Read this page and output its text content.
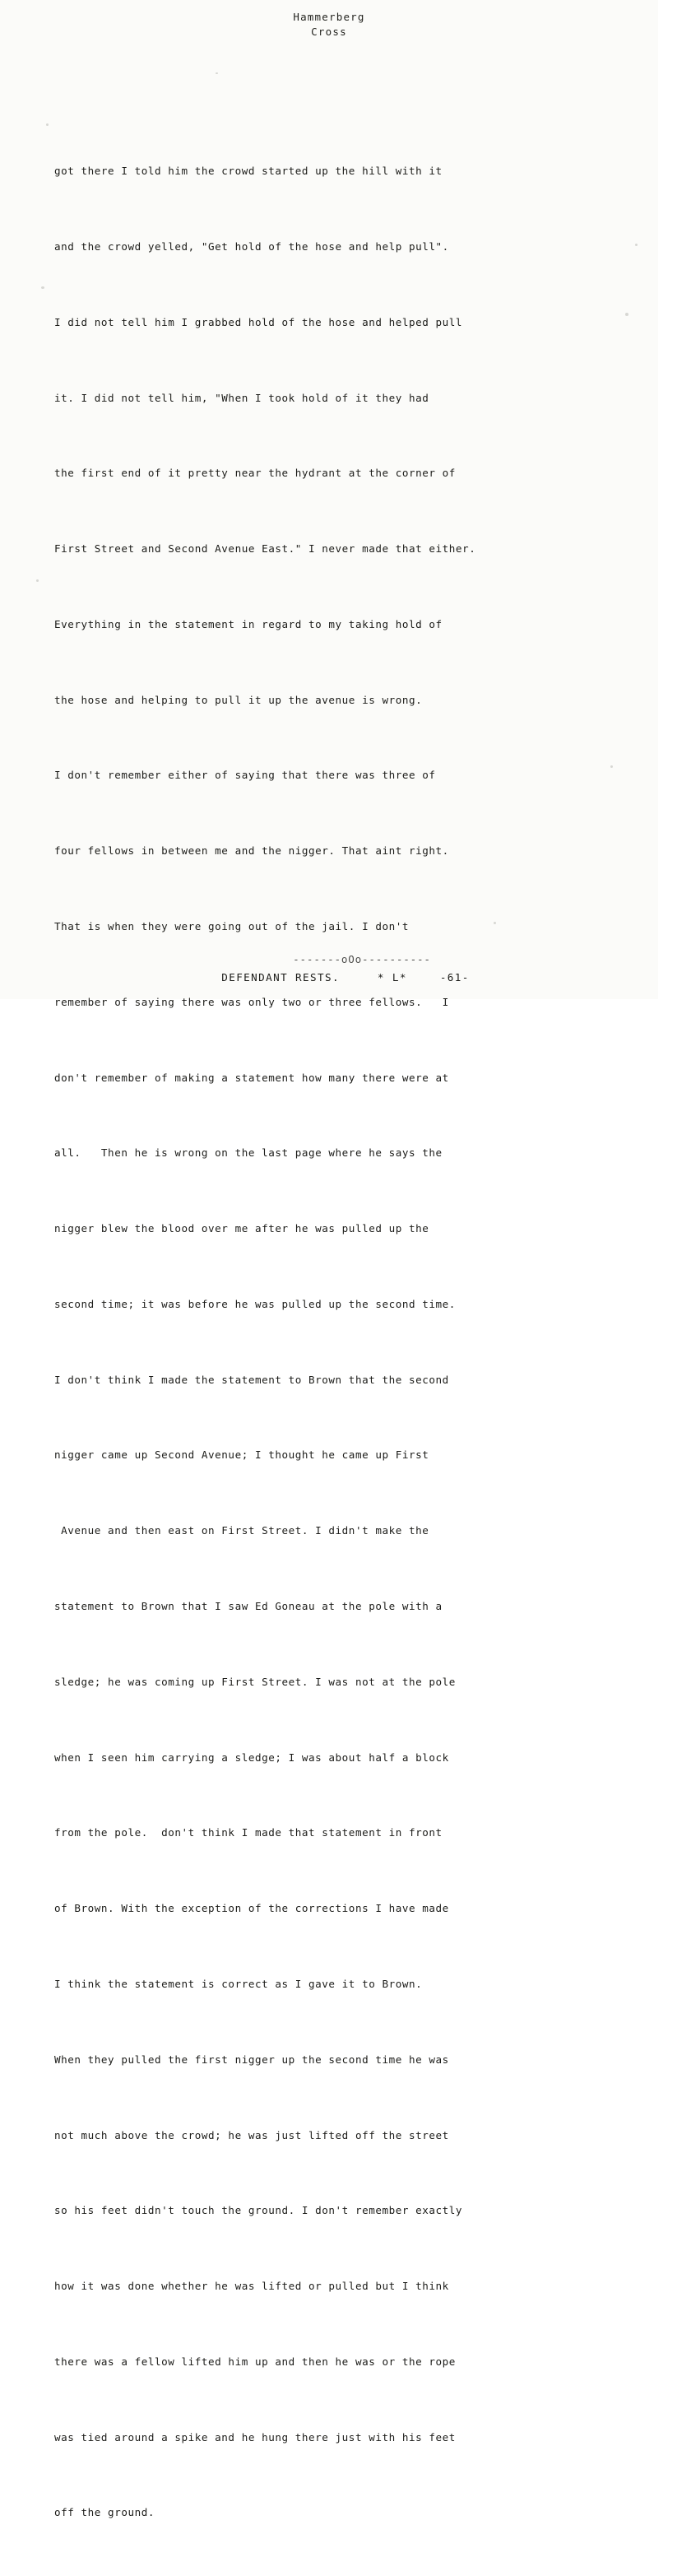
Hammerberg
Cross

got there I told him the crowd started up the hill with it

and the crowd yelled, "Get hold of the hose and help pull".

I did not tell him I grabbed hold of the hose and helped pull

it. I did not tell him, "When I took hold of it they had

the first end of it pretty near the hydrant at the corner of

First Street and Second Avenue East." I never made that either.

Everything in the statement in regard to my taking hold of

the hose and helping to pull it up the avenue is wrong.

I don't remember either of saying that there was three of

four fellows in between me and the nigger. That aint right.

That is when they were going out of the jail. I don't

remember of saying there was only two or three fellows.   I

don't remember of making a statement how many there were at

all.   Then he is wrong on the last page where he says the

nigger blew the blood over me after he was pulled up the

second time; it was before he was pulled up the second time.

I don't think I made the statement to Brown that the second

nigger came up Second Avenue; I thought he came up First

Avenue and then east on First Street. I didn't make the

statement to Brown that I saw Ed Goneau at the pole with a

sledge; he was coming up First Street. I was not at the pole

when I seen him carrying a sledge; I was about half a block

from the pole.  don't think I made that statement in front

of Brown. With the exception of the corrections I have made

I think the statement is correct as I gave it to Brown.

When they pulled the first nigger up the second time he was

not much above the crowd; he was just lifted off the street

so his feet didn't touch the ground. I don't remember exactly

how it was done whether he was lifted or pulled but I think

there was a fellow lifted him up and then he was or the rope

was tied around a spike and he hung there just with his feet

off the ground.

-------oOo----------
DEFENDANT RESTS.	* L*	-61-
